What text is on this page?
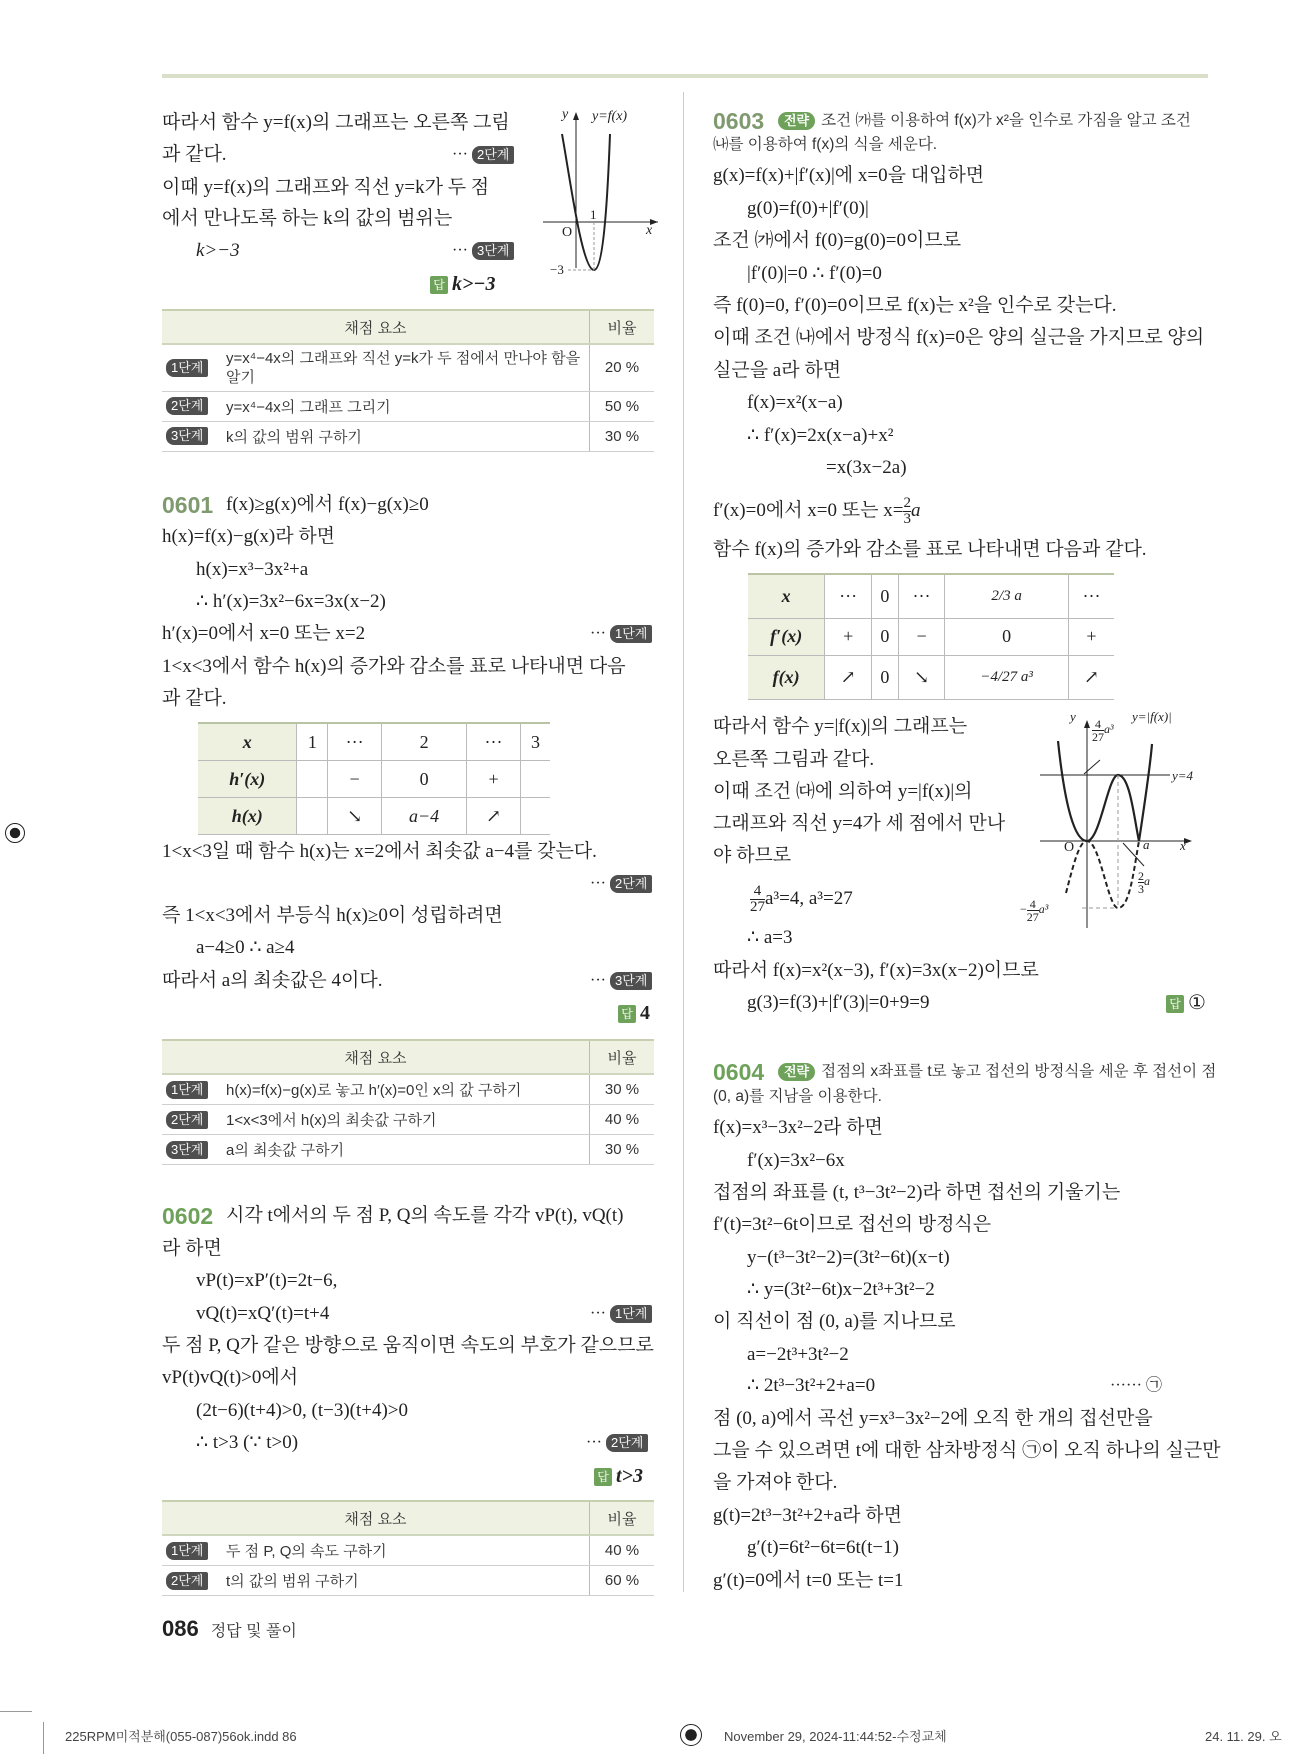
따라서 함수 y=f(x)의 그래프는 오른쪽 그림
과 같다.	··· 2단계
이때 y=f(x)의 그래프와 직선 y=k가 두 점
에서 만나도록 하는 k의 값의 범위는
k>−3	··· 3단계
답 k>−3
y y=f(x)
x
O
1
−3
채점 요소		비율
1단계	y=x⁴−4x의 그래프와 직선 y=k가 두 점에서 만나야 함을
알기	20 %
2단계	y=x⁴−4x의 그래프 그리기	50 %
3단계	k의 값의 범위 구하기	30 %
0601 f(x)≥g(x)에서 f(x)−g(x)≥0
h(x)=f(x)−g(x)라 하면
h(x)=x³−3x²+a
∴ h′(x)=3x²−6x=3x(x−2)
h′(x)=0에서 x=0 또는 x=2	··· 1단계
1<x<3에서 함수 h(x)의 증가와 감소를 표로 나타내면 다음
과 같다.
x	1	···	2	···	3
h′(x)		−	0	+	
h(x)		↘	a−4	↗	
1<x<3일 때 함수 h(x)는 x=2에서 최솟값 a−4를 갖는다.
··· 2단계
즉 1<x<3에서 부등식 h(x)≥0이 성립하려면
a−4≥0 ∴ a≥4
따라서 a의 최솟값은 4이다.	··· 3단계
답 4
채점 요소		비율
1단계	h(x)=f(x)−g(x)로 놓고 h′(x)=0인 x의 값 구하기	30 %
2단계	1<x<3에서 h(x)의 최솟값 구하기	40 %
3단계	a의 최솟값 구하기	30 %
0602 시각 t에서의 두 점 P, Q의 속도를 각각 vP(t), vQ(t)
라 하면
vP(t)=xP′(t)=2t−6,
vQ(t)=xQ′(t)=t+4	··· 1단계
두 점 P, Q가 같은 방향으로 움직이면 속도의 부호가 같으므로
vP(t)vQ(t)>0에서
(2t−6)(t+4)>0, (t−3)(t+4)>0
∴ t>3 (∵ t>0)	··· 2단계
답 t>3
채점 요소		비율
1단계	두 점 P, Q의 속도 구하기	40 %
2단계	t의 값의 범위 구하기	60 %
0603	전략 조건 ㈎를 이용하여 f(x)가 x²을 인수로 가짐을 알고 조건
㈏를 이용하여 f(x)의 식을 세운다.
g(x)=f(x)+|f′(x)|에 x=0을 대입하면
g(0)=f(0)+|f′(0)|
조건 ㈎에서 f(0)=g(0)=0이므로
|f′(0)|=0 ∴ f′(0)=0
즉 f(0)=0, f′(0)=0이므로 f(x)는 x²을 인수로 갖는다.
이때 조건 ㈏에서 방정식 f(x)=0은 양의 실근을 가지므로 양의
실근을 a라 하면
f(x)=x²(x−a)
∴ f′(x)=2x(x−a)+x²
=x(3x−2a)
f′(x)=0에서 x=0 또는 $x= \frac{2}{3}$ a
함수 f(x)의 증가와 감소를 표로 나타내면 다음과 같다.
x	···	0	···	2/3 a	···
f′(x)	+	0	−	0	+
f(x)	↗	0	↘	−4/27 a³	↗
따라서 함수 y=|f(x)|의 그래프는
오른쪽 그림과 같다.
이때 조건 ㈐에 의하여 y=|f(x)|의
그래프와 직선 y=4가 세 점에서 만나
야 하므로
$\frac{4}{27} a^3=4$, a³=27
∴ a=3
따라서 f(x)=x²(x−3), f′(x)=3x(x−2)이므로
g(3)=f(3)+|f′(3)|=0+9=9	답 ①
y	y=|f(x)|
y=4
x
O	a
$\frac{4}{27} a^3$
$\frac{2}{3}$ a
− $\frac{4}{27} a^3$
0604	전략 접점의 x좌표를 t로 놓고 접선의 방정식을 세운 후 접선이 점
(0, a)를 지남을 이용한다.
f(x)=x³−3x²−2라 하면
f′(x)=3x²−6x
접점의 좌표를 (t, t³−3t²−2)라 하면 접선의 기울기는
f′(t)=3t²−6t이므로 접선의 방정식은
y−(t³−3t²−2)=(3t²−6t)(x−t)
∴ y=(3t²−6t)x−2t³+3t²−2
이 직선이 점 (0, a)를 지나므로
a=−2t³+3t²−2
∴ 2t³−3t²+2+a=0	······ ㉠
점 (0, a)에서 곡선 y=x³−3x²−2에 오직 한 개의 접선만을
그을 수 있으려면 t에 대한 삼차방정식 ㉠이 오직 하나의 실근만
을 가져야 한다.
g(t)=2t³−3t²+2+a라 하면
g′(t)=6t²−6t=6t(t−1)
g′(t)=0에서 t=0 또는 t=1
086 정답 및 풀이
225RPM미적분해(055-087)56ok.indd 86	November 29, 2024-11:44:52-수정교체	24. 11. 29. 오
